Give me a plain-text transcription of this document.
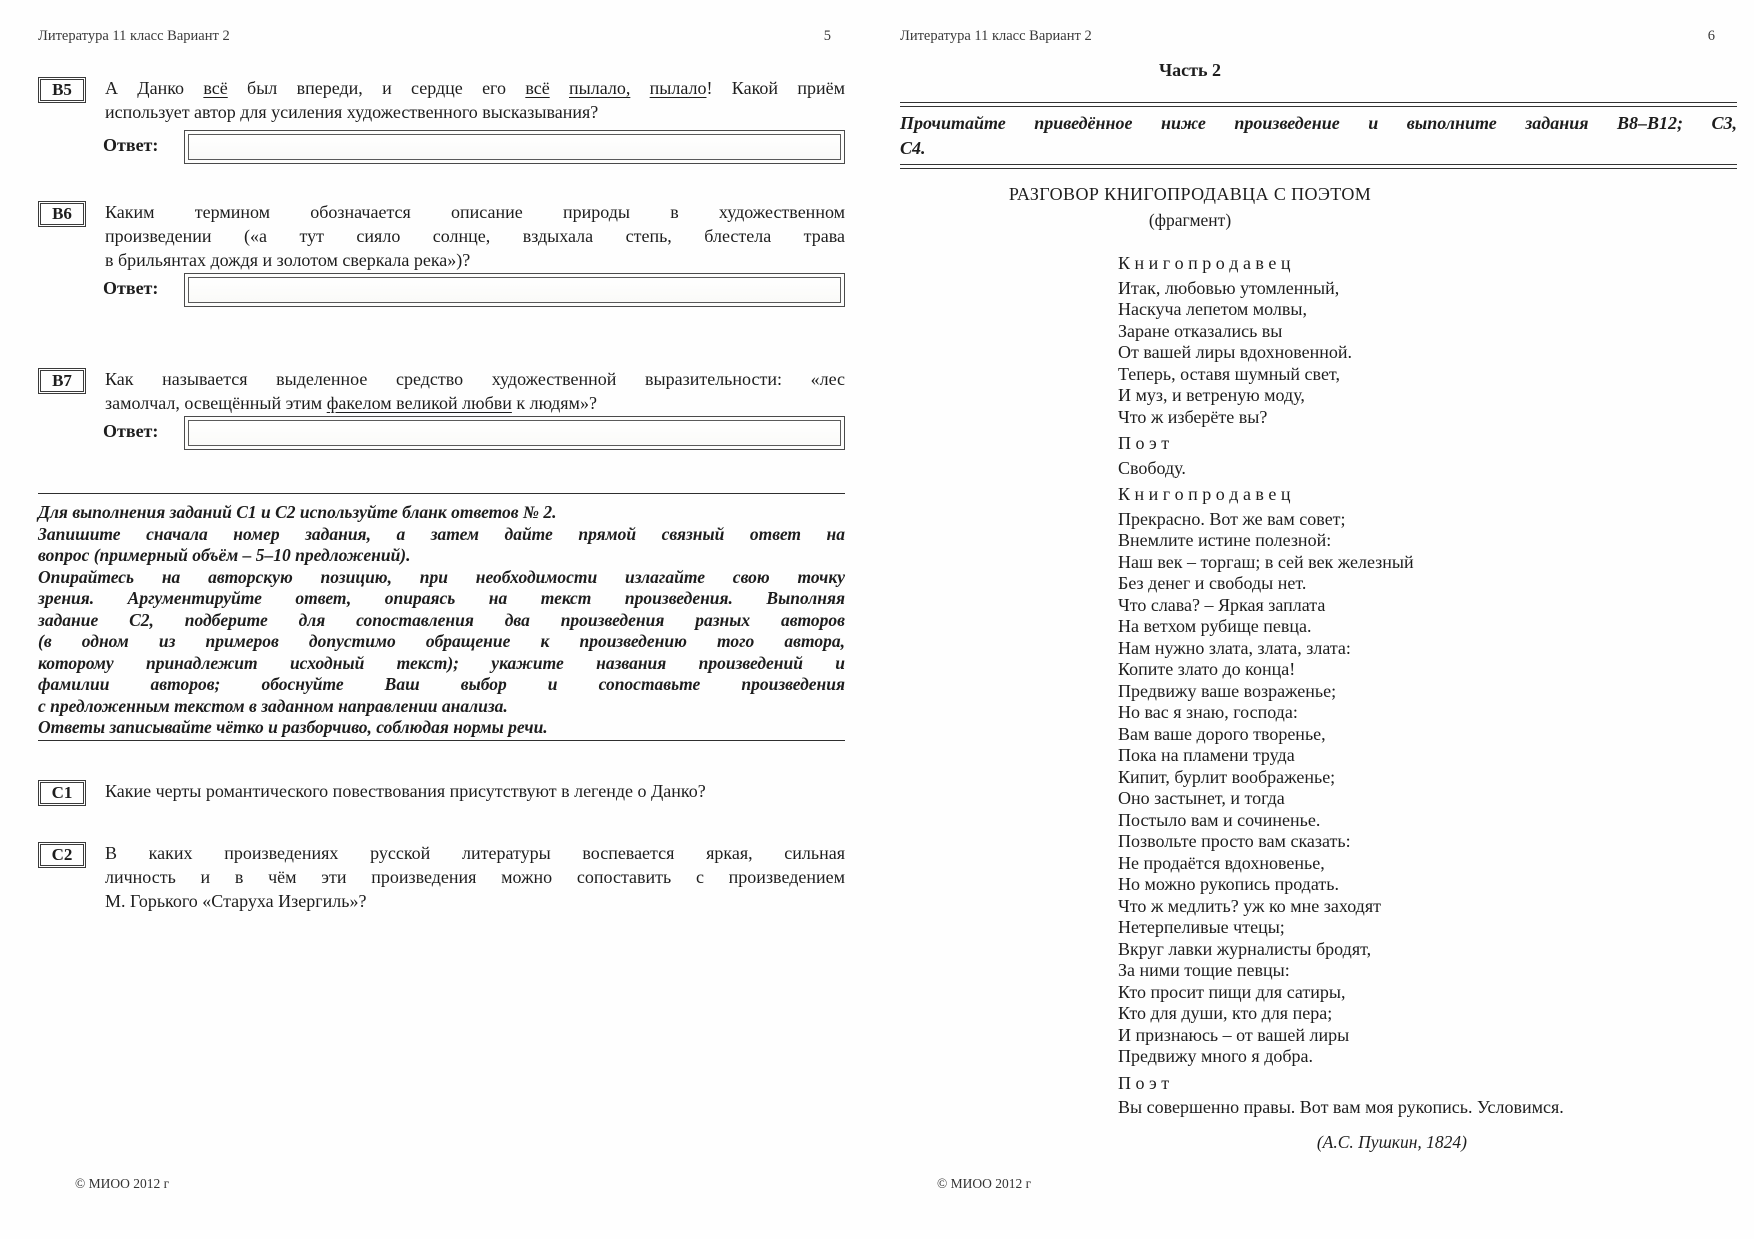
Литература 11 класс Вариант 2	5
В5 А Данко всё был впереди, и сердце его всё пылало, пылало! Какой приём
использует автор для усиления художественного высказывания?
Ответ:
В6 Каким термином обозначается описание природы в художественном
произведении («а тут сияло солнце, вздыхала степь, блестела трава
в брильянтах дождя и золотом сверкала река»)?
Ответ:
В7 Как называется выделенное средство художественной выразительности: «лес
замолчал, освещённый этим факелом великой любви к людям»?
Ответ:
Для выполнения заданий С1 и С2 используйте бланк ответов № 2.
Запишите сначала номер задания, а затем дайте прямой связный ответ на
вопрос (примерный объём – 5–10 предложений).
Опирайтесь на авторскую позицию, при необходимости излагайте свою точку
зрения. Аргументируйте ответ, опираясь на текст произведения. Выполняя
задание С2, подберите для сопоставления два произведения разных авторов
(в одном из примеров допустимо обращение к произведению того автора,
которому принадлежит исходный текст); укажите названия произведений и
фамилии авторов; обоснуйте Ваш выбор и сопоставьте произведения
с предложенным текстом в заданном направлении анализа.
Ответы записывайте чётко и разборчиво, соблюдая нормы речи.
С1 Какие черты романтического повествования присутствуют в легенде о Данко?
С2 В каких произведениях русской литературы воспевается яркая, сильная
личность и в чём эти произведения можно сопоставить с произведением
М. Горького «Старуха Изергиль»?
Литература 11 класс Вариант 2	6
Часть 2
Прочитайте приведённое ниже произведение и выполните задания В8–В12; С3,
С4.
РАЗГОВОР КНИГОПРОДАВЦА С ПОЭТОМ
(фрагмент)
К н и г о п р о д а в е ц
Итак, любовью утомленный,
Наскуча лепетом молвы,
Заране отказались вы
От вашей лиры вдохновенной.
Теперь, оставя шумный свет,
И муз, и ветреную моду,
Что ж изберёте вы?
П о э т
Свободу.
К н и г о п р о д а в е ц
Прекрасно. Вот же вам совет;
Внемлите истине полезной:
Наш век – торгаш; в сей век железный
Без денег и свободы нет.
Что слава? – Яркая заплата
На ветхом рубище певца.
Нам нужно злата, злата, злата:
Копите злато до конца!
Предвижу ваше возраженье;
Но вас я знаю, господа:
Вам ваше дорого творенье,
Пока на пламени труда
Кипит, бурлит воображенье;
Оно застынет, и тогда
Постыло вам и сочиненье.
Позвольте просто вам сказать:
Не продаётся вдохновенье,
Но можно рукопись продать.
Что ж медлить? уж ко мне заходят
Нетерпеливые чтецы;
Вкруг лавки журналисты бродят,
За ними тощие певцы:
Кто просит пищи для сатиры,
Кто для души, кто для пера;
И признаюсь – от вашей лиры
Предвижу много я добра.
П о э т
Вы совершенно правы. Вот вам моя рукопись. Условимся.
(А.С. Пушкин, 1824)
© МИОО 2012 г	© МИОО 2012 г
